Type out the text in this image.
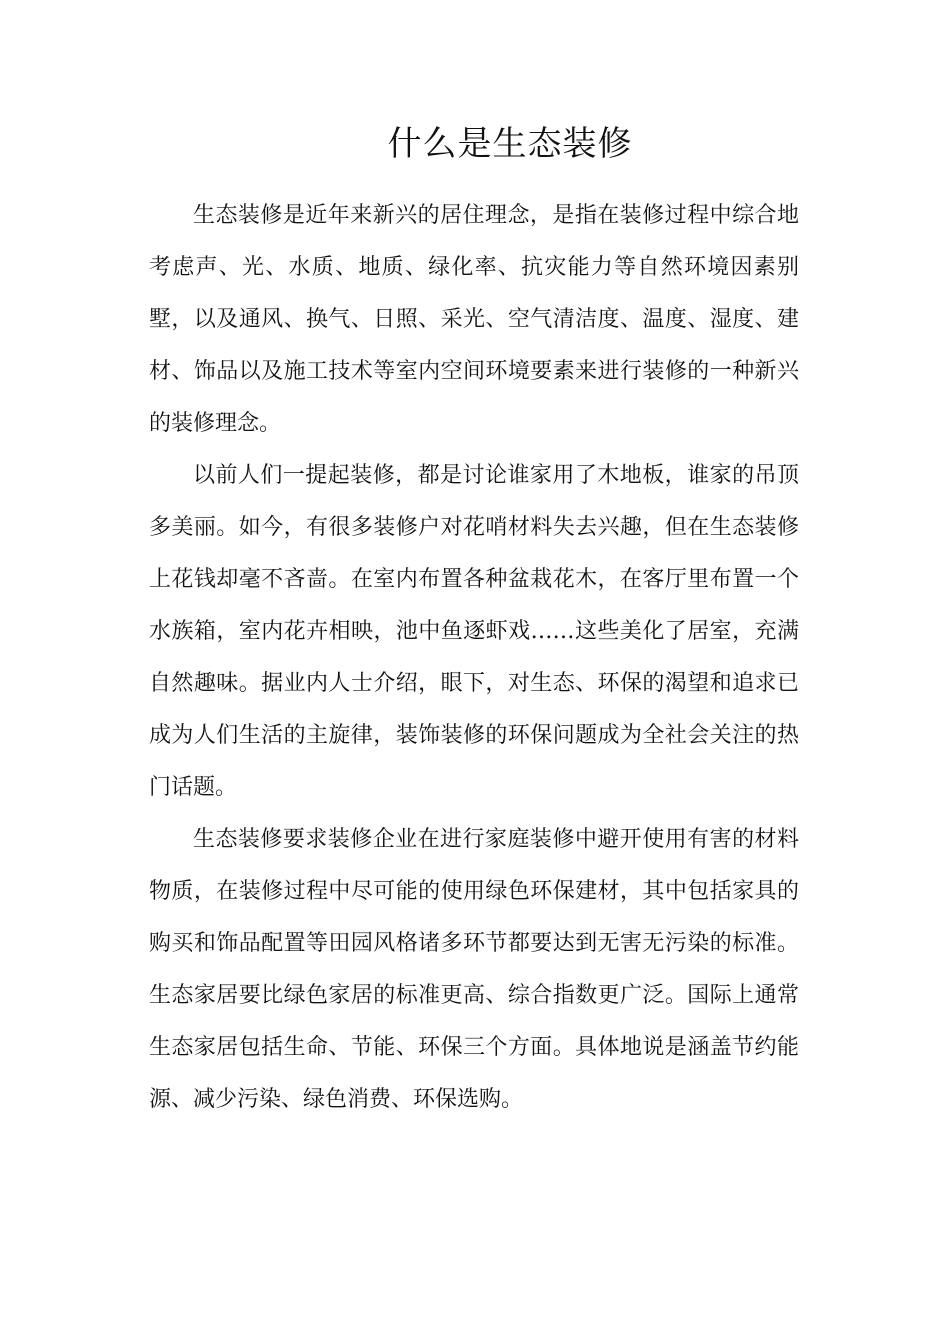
什么是生态装修

生态装修是近年来新兴的居住理念，是指在装修过程中综合地考虑声、光、水质、地质、绿化率、抗灾能力等自然环境因素别墅，以及通风、换气、日照、采光、空气清洁度、温度、湿度、建材、饰品以及施工技术等室内空间环境要素来进行装修的一种新兴的装修理念。

以前人们一提起装修，都是讨论谁家用了木地板，谁家的吊顶多美丽。如今，有很多装修户对花哨材料失去兴趣，但在生态装修上花钱却毫不吝啬。在室内布置各种盆栽花木，在客厅里布置一个水族箱，室内花卉相映，池中鱼逐虾戏……这些美化了居室，充满自然趣味。据业内人士介绍，眼下，对生态、环保的渴望和追求已成为人们生活的主旋律，装饰装修的环保问题成为全社会关注的热门话题。

生态装修要求装修企业在进行家庭装修中避开使用有害的材料物质，在装修过程中尽可能的使用绿色环保建材，其中包括家具的购买和饰品配置等田园风格诸多环节都要达到无害无污染的标准。生态家居要比绿色家居的标准更高、综合指数更广泛。国际上通常生态家居包括生命、节能、环保三个方面。具体地说是涵盖节约能源、减少污染、绿色消费、环保选购。
